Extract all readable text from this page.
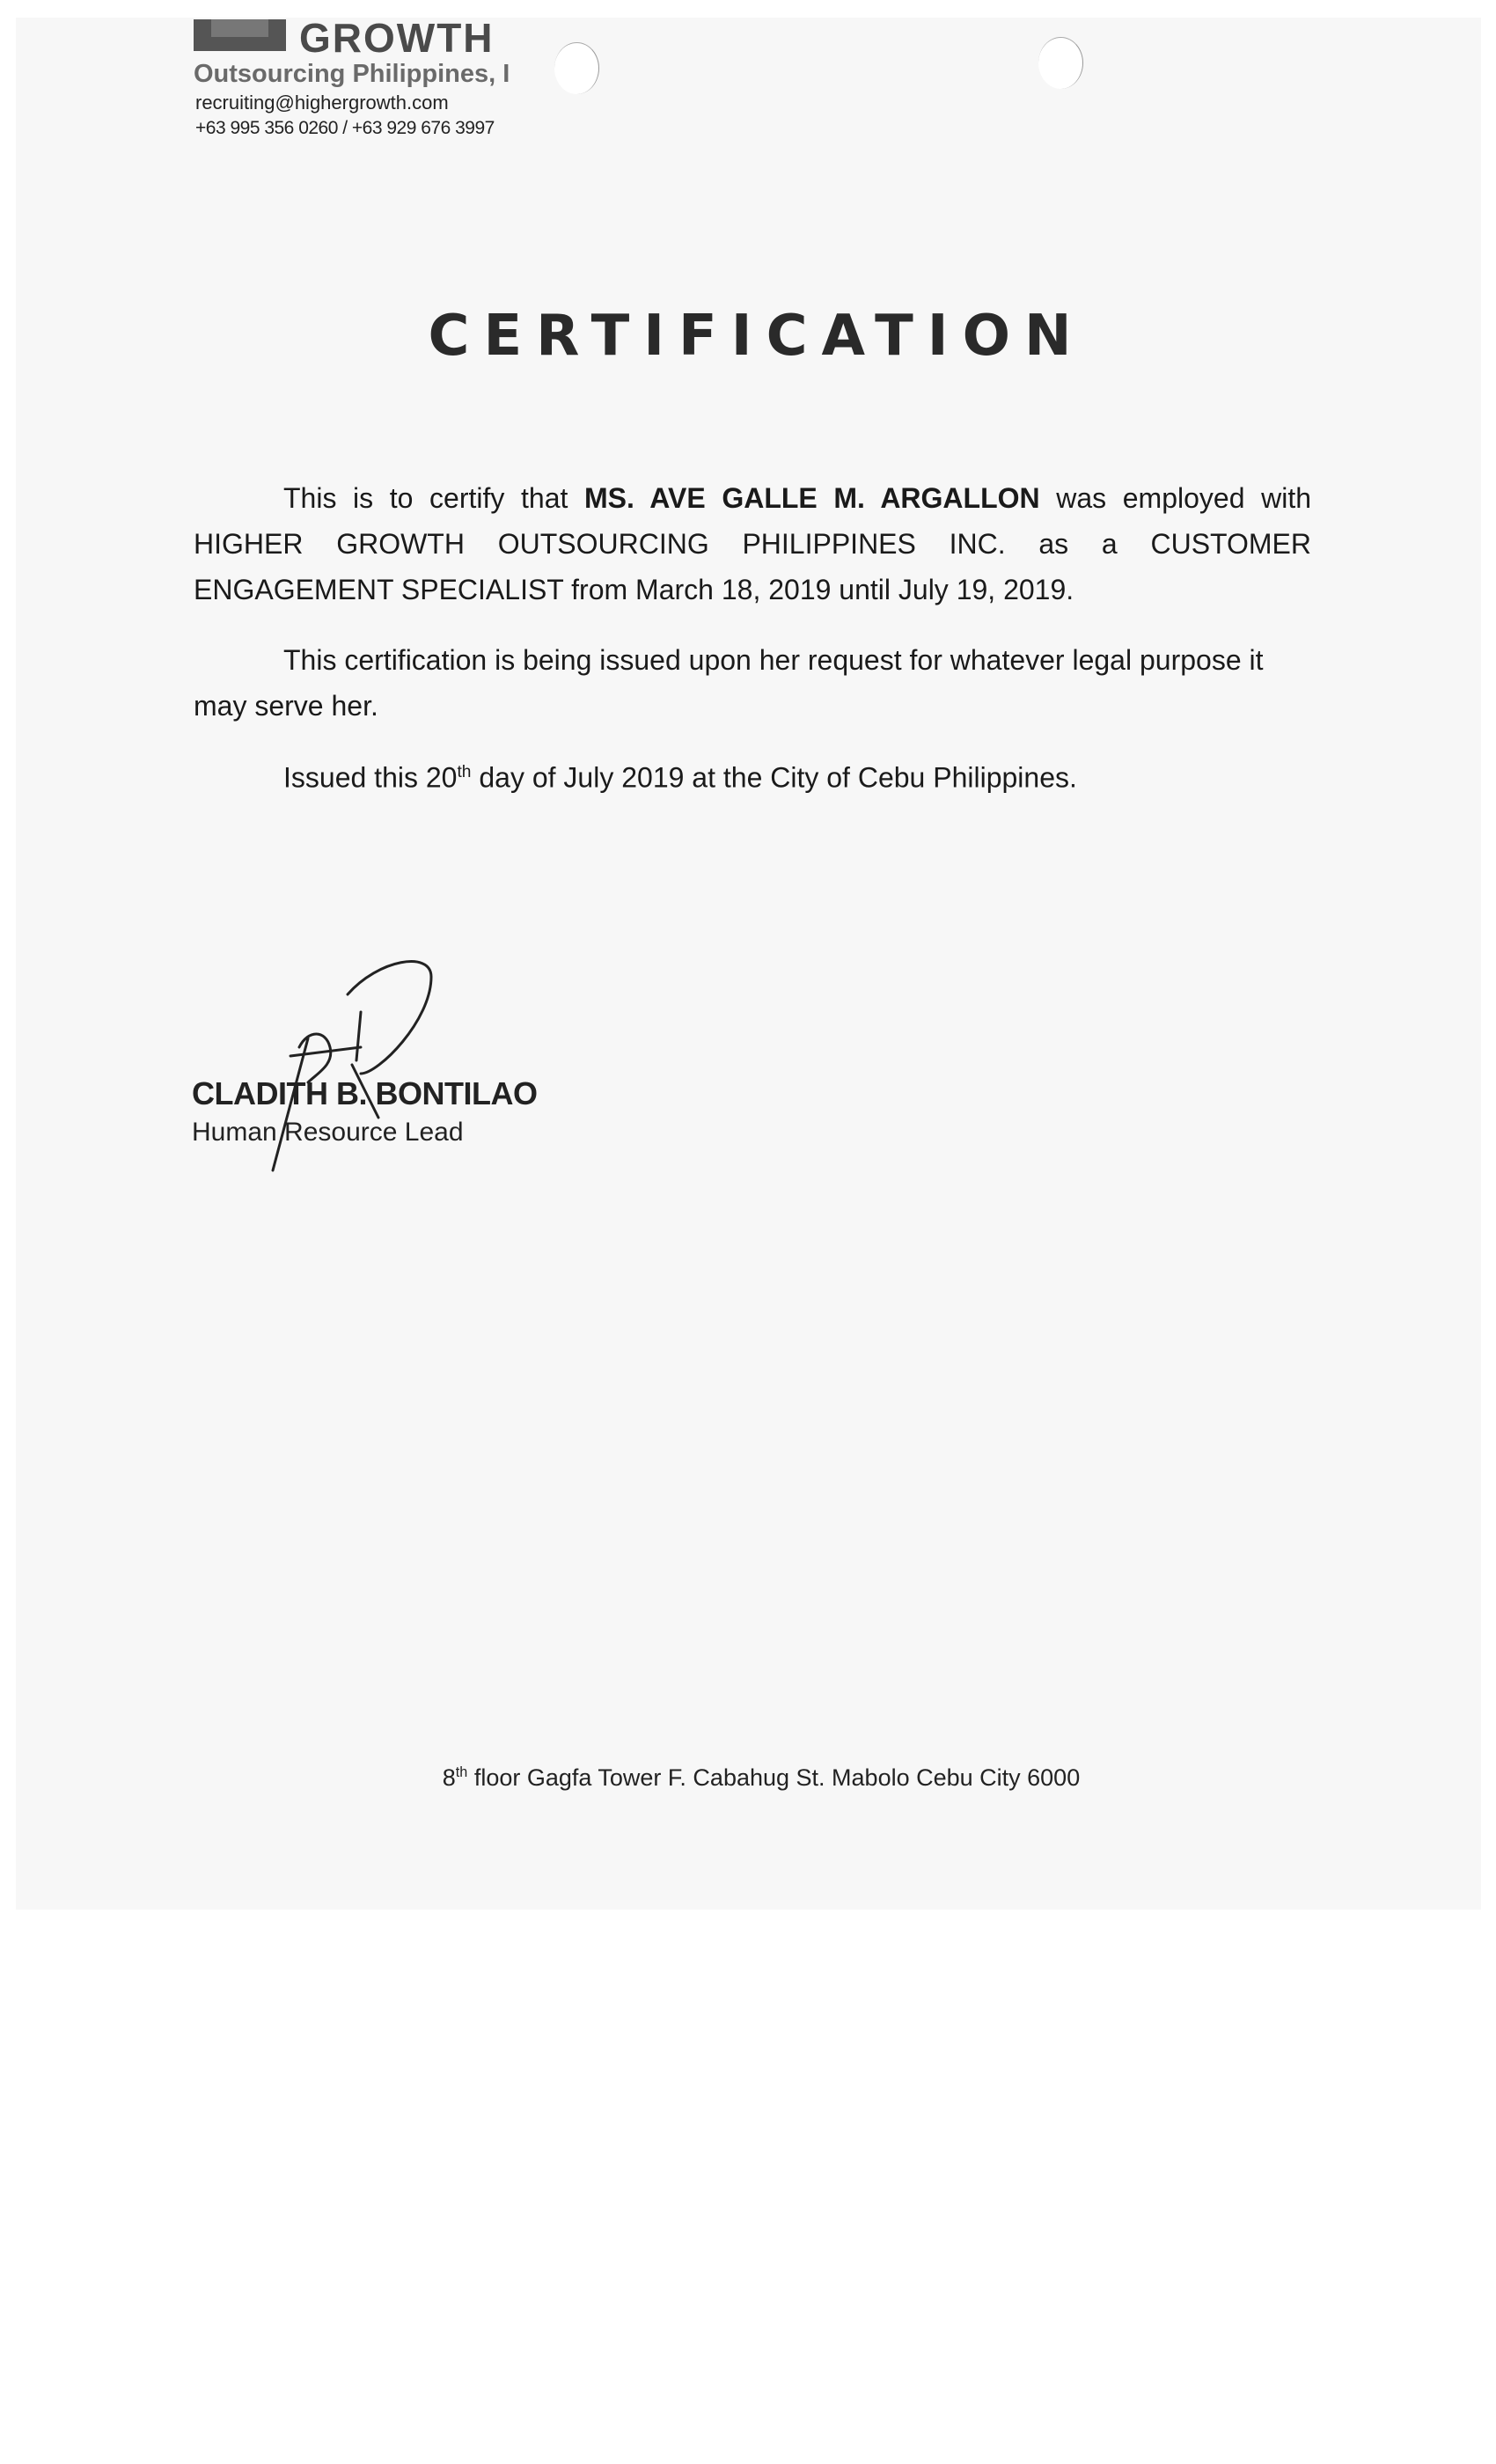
GROWTH
Outsourcing Philippines, I
recruiting@highergrowth.com
+63 995 356 0260 / +63 929 676 3997
CERTIFICATION
This is to certify that MS. AVE GALLE M. ARGALLON was employed with HIGHER GROWTH OUTSOURCING PHILIPPINES INC. as a CUSTOMER ENGAGEMENT SPECIALIST from March 18, 2019 until July 19, 2019.
This certification is being issued upon her request for whatever legal purpose it may serve her.
Issued this 20th day of July 2019 at the City of Cebu Philippines.
CLADITH B. BONTILAO
Human Resource Lead
8th floor Gagfa Tower F. Cabahug St. Mabolo Cebu City 6000
